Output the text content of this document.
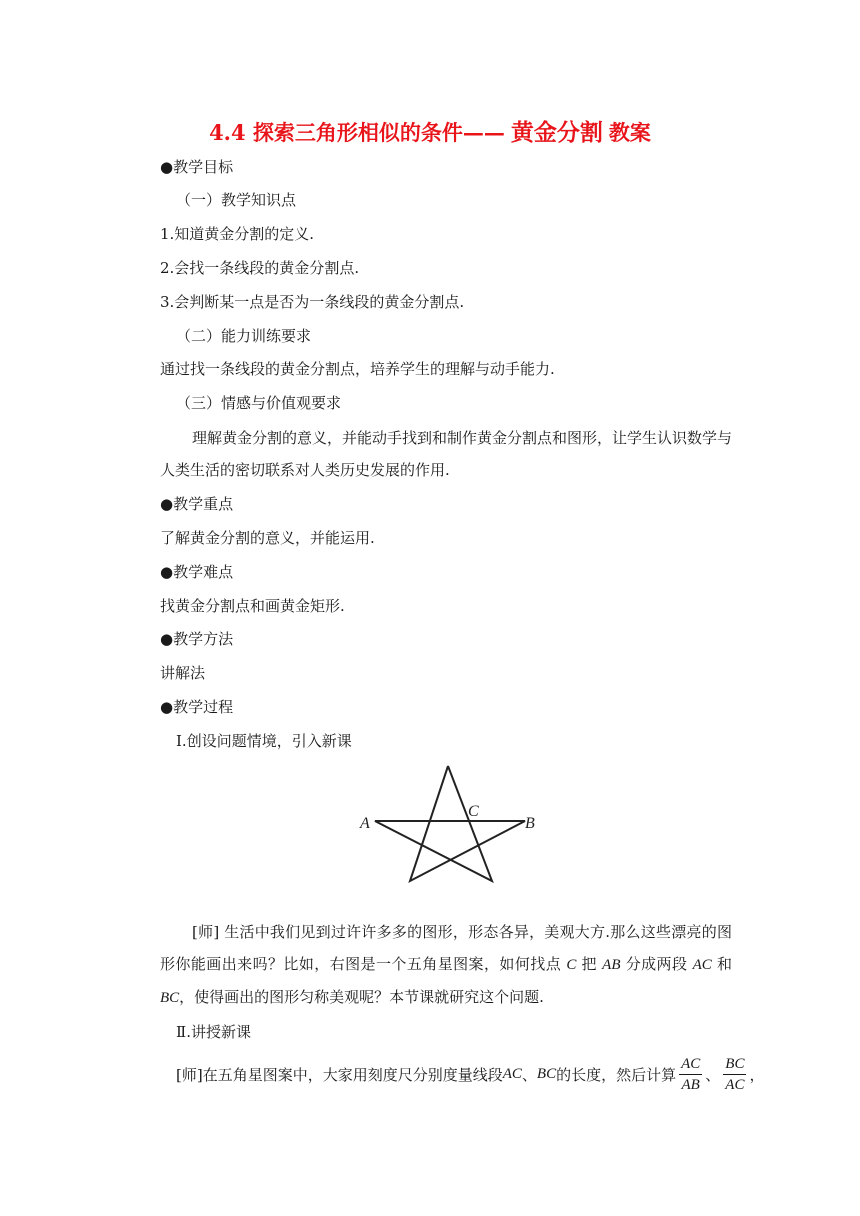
4.4 探索三角形相似的条件—— 黄金分割 教案
●教学目标
（一）教学知识点
1.知道黄金分割的定义.
2.会找一条线段的黄金分割点.
3.会判断某一点是否为一条线段的黄金分割点.
（二）能力训练要求
通过找一条线段的黄金分割点，培养学生的理解与动手能力.
（三）情感与价值观要求
理解黄金分割的意义，并能动手找到和制作黄金分割点和图形，让学生认识数学与人类生活的密切联系对人类历史发展的作用.
●教学重点
了解黄金分割的意义，并能运用.
●教学难点
找黄金分割点和画黄金矩形.
●教学方法
讲解法
●教学过程
Ⅰ.创设问题情境，引入新课
A	B
C
[师] 生活中我们见到过许许多多的图形，形态各异，美观大方.那么这些漂亮的图形你能画出来吗？比如，右图是一个五角星图案，如何找点 C 把 AB 分成两段 AC 和 BC，使得画出的图形匀称美观呢？本节课就研究这个问题.
Ⅱ.讲授新课
[师]在五角星图案中，大家用刻度尺分别度量线段 AC 、 BC 的长度，然后计算 $\frac{AC}{AB}$ 、 $\frac{BC}{AC}$ ，
